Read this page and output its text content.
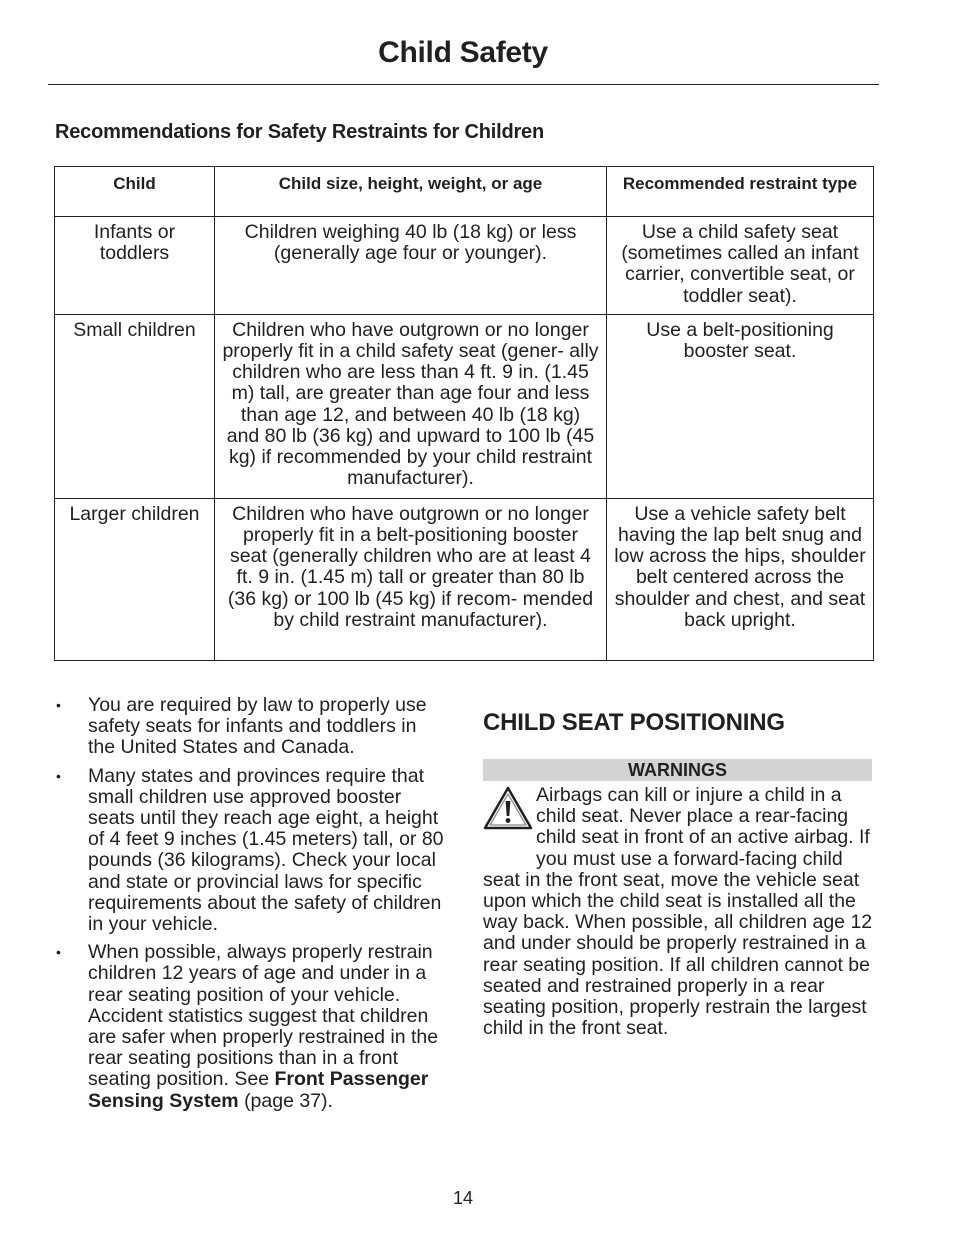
Child Safety
Recommendations for Safety Restraints for Children
Child	Child size, height, weight, or age	Recommended restraint type
Infants or toddlers	Children weighing 40 lb (18 kg) or less (generally age four or younger).	Use a child safety seat (sometimes called an infant carrier, convertible seat, or toddler seat).
Small children	Children who have outgrown or no longer properly fit in a child safety seat (gener- ally children who are less than 4 ft. 9 in. (1.45 m) tall, are greater than age four and less than age 12, and between 40 lb (18 kg) and 80 lb (36 kg) and upward to 100 lb (45 kg) if recommended by your child restraint manufacturer).	Use a belt-positioning booster seat.
Larger children	Children who have outgrown or no longer properly fit in a belt-positioning booster seat (generally children who are at least 4 ft. 9 in. (1.45 m) tall or greater than 80 lb (36 kg) or 100 lb (45 kg) if recom- mended by child restraint manufacturer).	Use a vehicle safety belt having the lap belt snug and low across the hips, shoulder belt centered across the shoulder and chest, and seat back upright.
• You are required by law to properly use safety seats for infants and toddlers in the United States and Canada.
• Many states and provinces require that small children use approved booster seats until they reach age eight, a height of 4 feet 9 inches (1.45 meters) tall, or 80 pounds (36 kilograms). Check your local and state or provincial laws for specific requirements about the safety of children in your vehicle.
• When possible, always properly restrain children 12 years of age and under in a rear seating position of your vehicle. Accident statistics suggest that children are safer when properly restrained in the rear seating positions than in a front seating position. See Front Passenger Sensing System (page 37).
CHILD SEAT POSITIONING
WARNINGS
Airbags can kill or injure a child in a child seat. Never place a rear-facing child seat in front of an active airbag. If you must use a forward-facing child seat in the front seat, move the vehicle seat upon which the child seat is installed all the way back. When possible, all children age 12 and under should be properly restrained in a rear seating position. If all children cannot be seated and restrained properly in a rear seating position, properly restrain the largest child in the front seat.
14
